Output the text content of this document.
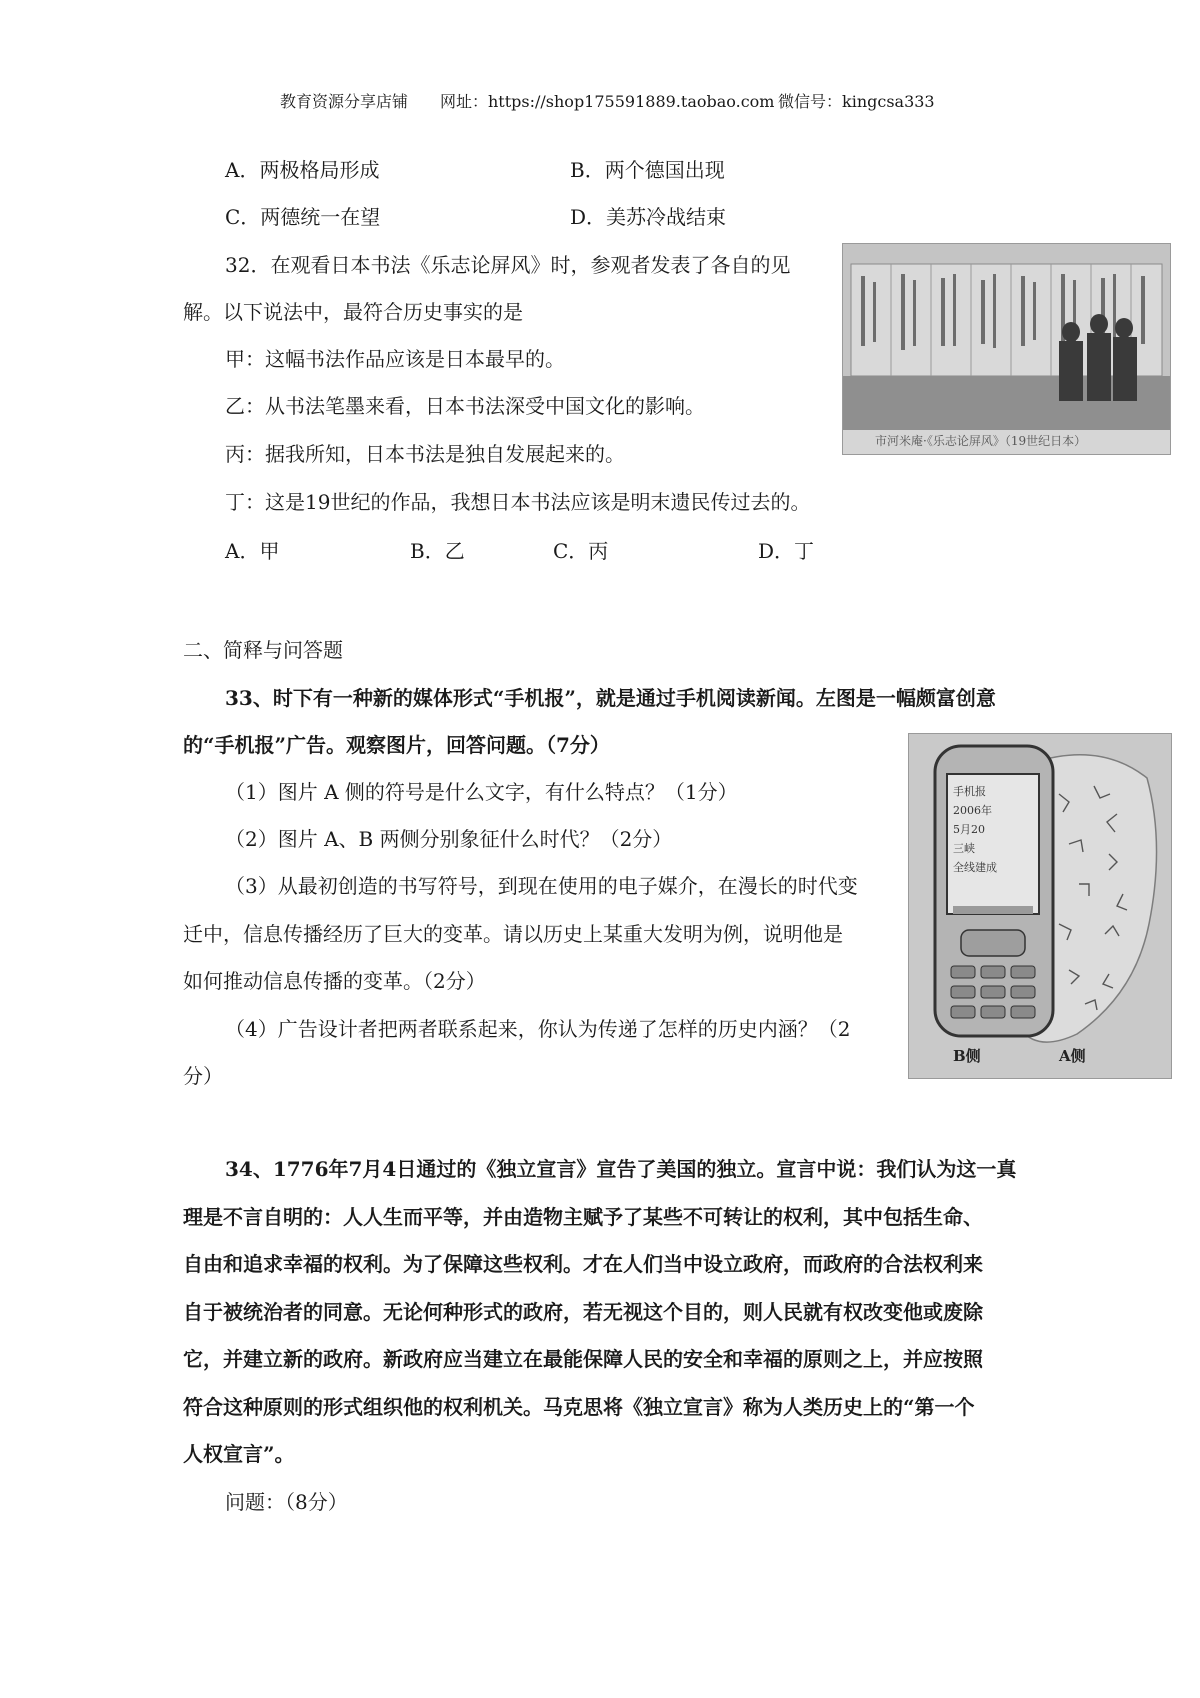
教育资源分享店铺 网址：https://shop175591889.taobao.com 微信号：kingcsa333
A．两极格局形成	B．两个德国出现
C．两德统一在望	D．美苏冷战结束
32．在观看日本书法《乐志论屏风》时，参观者发表了各自的见
解。以下说法中，最符合历史事实的是
甲：这幅书法作品应该是日本最早的。
乙：从书法笔墨来看，日本书法深受中国文化的影响。
丙：据我所知，日本书法是独自发展起来的。
丁：这是19世纪的作品，我想日本书法应该是明末遗民传过去的。
A．甲	B．乙	C．丙	D．丁
市河米庵·《乐志论屏风》（19世纪日本）
二、简释与问答题
33、时下有一种新的媒体形式“手机报”，就是通过手机阅读新闻。左图是一幅颇富创意
的“手机报”广告。观察图片，回答问题。（7分）
（1）图片 A 侧的符号是什么文字，有什么特点？（1分）
（2）图片 A、B 两侧分别象征什么时代？（2分）
（3）从最初创造的书写符号，到现在使用的电子媒介，在漫长的时代变
迁中，信息传播经历了巨大的变革。请以历史上某重大发明为例，说明他是
如何推动信息传播的变革。（2分）
（4）广告设计者把两者联系起来，你认为传递了怎样的历史内涵？（2
分）
手机报
2006年
5月20
三峡
全线建成
B侧	A侧
34、1776年7月4日通过的《独立宣言》宣告了美国的独立。宣言中说：我们认为这一真
理是不言自明的：人人生而平等，并由造物主赋予了某些不可转让的权利，其中包括生命、
自由和追求幸福的权利。为了保障这些权利。才在人们当中设立政府，而政府的合法权利来
自于被统治者的同意。无论何种形式的政府，若无视这个目的，则人民就有权改变他或废除
它，并建立新的政府。新政府应当建立在最能保障人民的安全和幸福的原则之上，并应按照
符合这种原则的形式组织他的权利机关。马克思将《独立宣言》称为人类历史上的“第一个
人权宣言”。
问题：（8分）
